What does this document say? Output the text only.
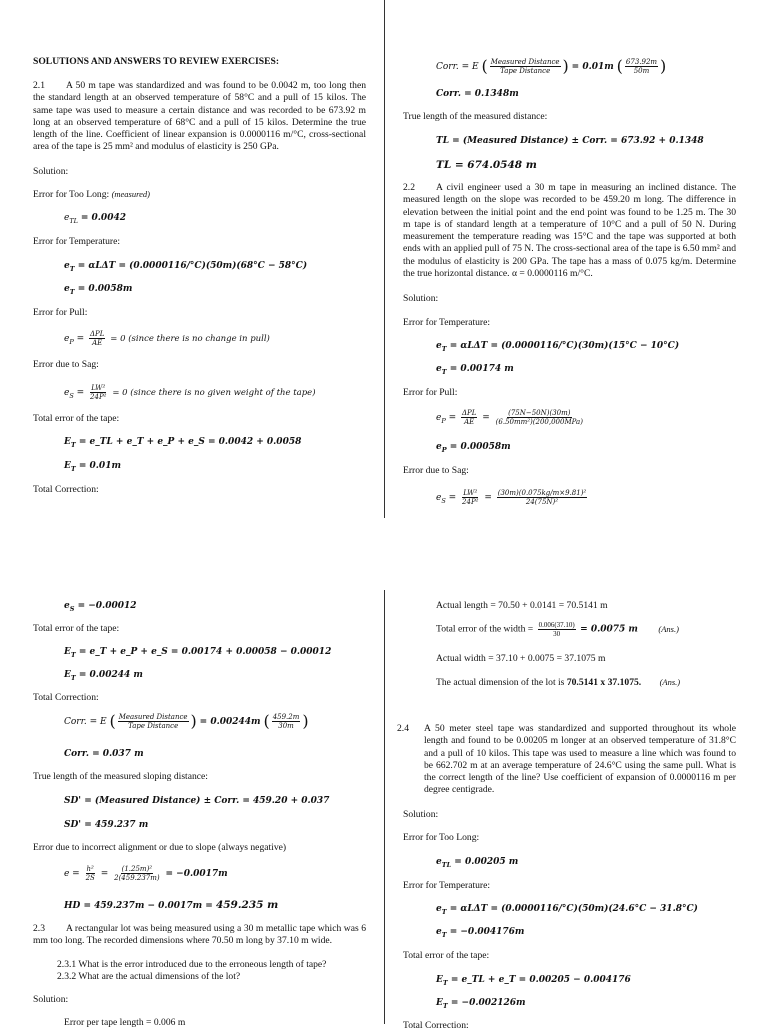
SOLUTIONS AND ANSWERS TO REVIEW EXERCISES:
2.1	A 50 m tape was standardized and was found to be 0.0042 m, too long then the standard length at an observed temperature of 58°C and a pull of 15 kilos. The same tape was used to measure a certain distance and was recorded to be 673.92 m long at an observed temperature of 68°C and a pull of 15 kilos. Determine the true length of the line. Coefficient of linear expansion is 0.0000116 m/°C, cross-sectional area of the tape is 25 mm² and modulus of elasticity is 250 GPa.
Solution:
Error for Too Long: (measured)
$e_{TL} = 0.0042$
Error for Temperature:
$e_T = \alpha L\Delta T = (0.0000116/^\circ C)(50m)(68^\circ C - 58^\circ C)$
$e_T = 0.0058m$
Error for Pull:
$e_P = \frac{\text{ΔPL}}{AE} = 0$ (since there is no change in pull)
Error due to Sag:
$e_S = \frac{\text{LW²}}{\text{24P²}} = 0$ (since there is no given weight of the tape)
Total error of the tape:
$E_T$ = e_TL + e_T + e_P + e_S = 0.0042 + 0.0058
$E_T = 0.01m$
Total Correction:
Corr. = E ( $\frac{\text{Measured Distance}}{\text{Tape Distance}}$ ) = 0.01m ( $\frac{673.92m}{50m}$ )
Corr. = 0.1348m
True length of the measured distance:
TL = (Measured Distance) ± Corr. = 673.92 + 0.1348
TL = 674.0548 m
2.2	A civil engineer used a 30 m tape in measuring an inclined distance. The measured length on the slope was recorded to be 459.20 m long. The difference in elevation between the initial point and the end point was found to be 1.25 m. The 30 m tape is of standard length at a temperature of 10°C and a pull of 50 N. During measurement the temperature reading was 15°C and the tape was supported at both ends with an applied pull of 75 N. The cross-sectional area of the tape is 6.50 mm² and the modulus of elasticity is 200 GPa. The tape has a mass of 0.075 kg/m. Determine the true horizontal distance. α = 0.0000116 m/°C.
Solution:
Error for Temperature:
$e_T = \alpha L\Delta T = (0.0000116/^\circ C)(30m)(15^\circ C - 10^\circ C)$
$e_T = 0.00174$ m
Error for Pull:
$e_P = \frac{\text{ΔPL}}{AE} = \frac{(75N-50N)(30m)}{\text{(6.50mm²)(200,000MPa)}}$
$e_P = 0.00058m$
Error due to Sag:
$e_S = \frac{\text{LW²}}{\text{24P²}} = \frac{\text{(30m)(0.075kg/m×9.81)²}}{\text{24(75N)²}}$
$e_S = -0.00012$
Total error of the tape:
$E_T$ = e_T + e_P + e_S = 0.00174 + 0.00058 − 0.00012
$E_T = 0.00244$ m
Total Correction:
Corr. = E ( $\frac{\text{Measured Distance}}{\text{Tape Distance}}$ ) = 0.00244m ( $\frac{459.2m}{30m}$ )
Corr. = 0.037 m
True length of the measured sloping distance:
SD' = (Measured Distance) ± Corr. = 459.20 + 0.037
SD' = 459.237 m
Error due to incorrect alignment or due to slope (always negative)
$e = \frac{\text{h²}}{2S} = \frac{\text{(1.25m)²}}{2(459.237m)} = -0.0017m$
HD = 459.237m − 0.0017m = 459.235 m
2.3	A rectangular lot was being measured using a 30 m metallic tape which was 6 mm too long. The recorded dimensions where 70.50 m long by 37.10 m wide.
2.3.1 What is the error introduced due to the erroneous length of tape?
2.3.2 What are the actual dimensions of the lot?
Solution:
Error per tape length = 0.006 m
Actual length = 70.50 + 0.0141 = 70.5141 m
Total error of the width = $\frac{0.006(37.10)}{30} = 0.0075$ m (Ans.)
Actual width = 37.10 + 0.0075 = 37.1075 m
The actual dimension of the lot is 70.5141 x 37.1075. (Ans.)
2.4 A 50 meter steel tape was standardized and supported throughout its whole length and found to be 0.00205 m longer at an observed temperature of 31.8°C and a pull of 10 kilos. This tape was used to measure a line which was found to be 662.702 m at an average temperature of 24.6°C using the same pull. What is the correct length of the line? Use coefficient of expansion of 0.0000116 m per degree centigrade.
Solution:
Error for Too Long:
$e_{TL} = 0.00205$ m
Error for Temperature:
$e_T = \alpha L\Delta T = (0.0000116/^\circ C)(50m)(24.6^\circ C - 31.8^\circ C)$
$e_T = -0.004176m$
Total error of the tape:
$E_T$ = e_TL + e_T = 0.00205 − 0.004176
$E_T = -0.002126m$
Total Correction:
